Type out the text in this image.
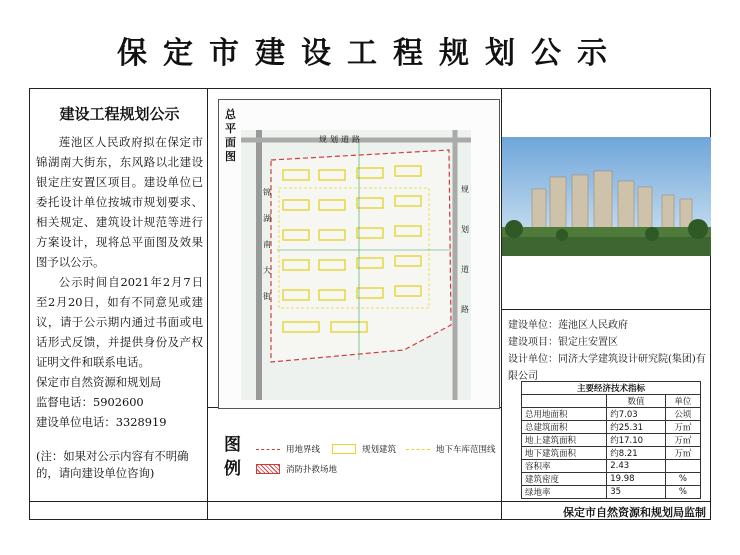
保定市建设工程规划公示
建设工程规划公示

莲池区人民政府拟在保定市锦湖南大街东，东风路以北建设银定庄安置区项目。建设单位已委托设计单位按城市规划要求、相关规定、建筑设计规范等进行方案设计，现将总平面图及效果图予以公示。

公示时间自2021年2月7日至2月20日，如有不同意见或建议，请于公示期内通过书面或电话形式反馈，并提供身份及产权证明文件和联系电话。

保定市自然资源和规划局

监督电话：5902600

建设单位电话：3328919

(注：如果对公示内容有不明确的，请向建设单位咨询)
总平面图
规划道路
锦湖南大街
规划道路
图例
用地界线	规划建筑	地下车库范围线
消防扑救场地
建设单位：莲池区人民政府
建设项目：银定庄安置区
设计单位：同济大学建筑设计研究院(集团)有限公司
主要经济技术指标		
	数值	单位
总用地面积	约7.03	公顷
总建筑面积	约25.31	万㎡
地上建筑面积	约17.10	万㎡
地下建筑面积	约8.21	万㎡
容积率	2.43	
建筑密度	19.98	%
绿地率	35	%
保定市自然资源和规划局监制
